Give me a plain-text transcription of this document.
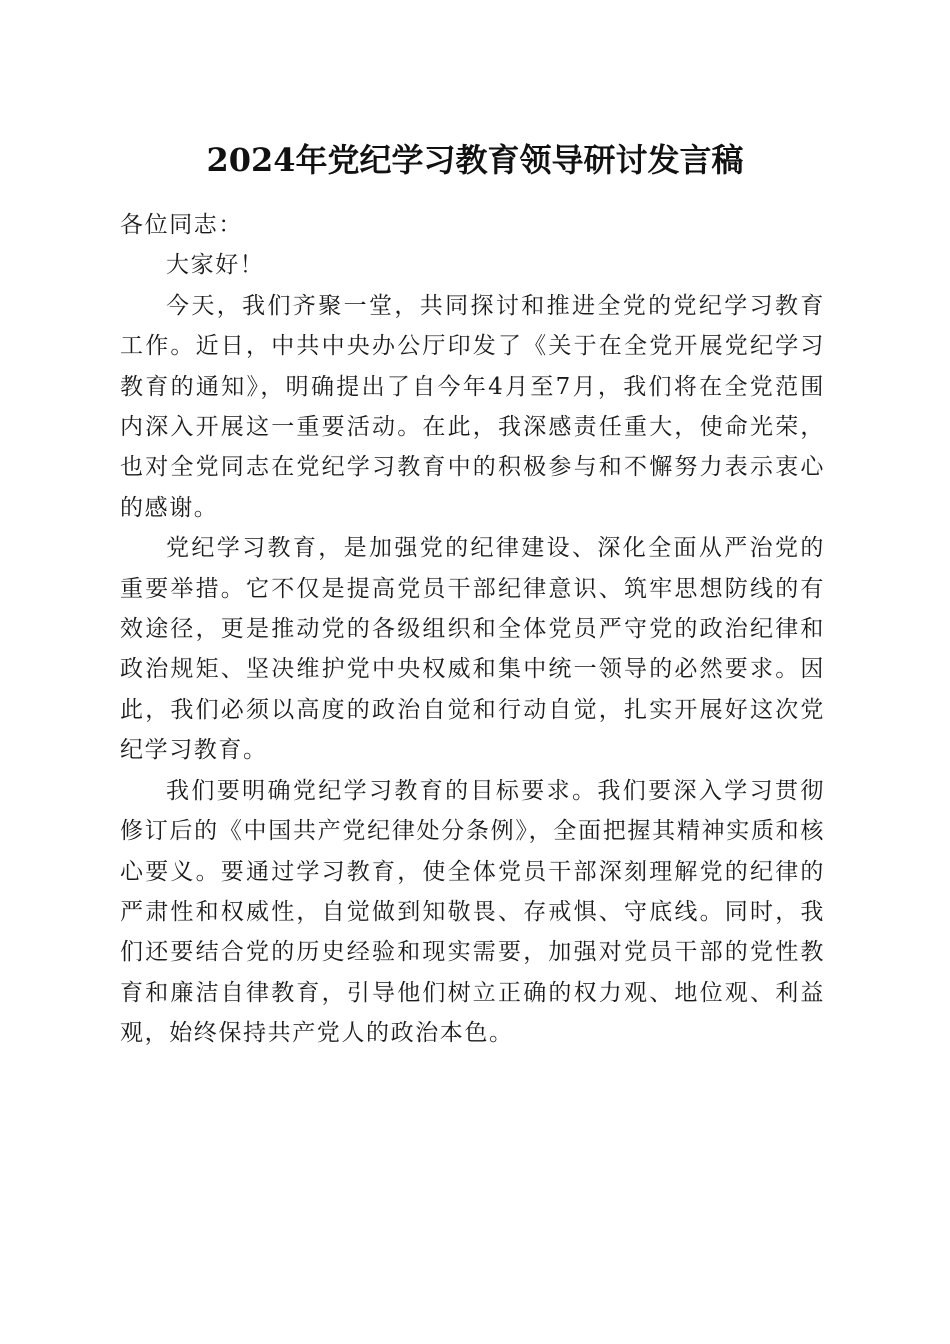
2024年党纪学习教育领导研讨发言稿

各位同志：

大家好！

今天，我们齐聚一堂，共同探讨和推进全党的党纪学习教育工作。近日，中共中央办公厅印发了《关于在全党开展党纪学习教育的通知》，明确提出了自今年4月至7月，我们将在全党范围内深入开展这一重要活动。在此，我深感责任重大，使命光荣，也对全党同志在党纪学习教育中的积极参与和不懈努力表示衷心的感谢。

党纪学习教育，是加强党的纪律建设、深化全面从严治党的重要举措。它不仅是提高党员干部纪律意识、筑牢思想防线的有效途径，更是推动党的各级组织和全体党员严守党的政治纪律和政治规矩、坚决维护党中央权威和集中统一领导的必然要求。因此，我们必须以高度的政治自觉和行动自觉，扎实开展好这次党纪学习教育。

我们要明确党纪学习教育的目标要求。我们要深入学习贯彻修订后的《中国共产党纪律处分条例》，全面把握其精神实质和核心要义。要通过学习教育，使全体党员干部深刻理解党的纪律的严肃性和权威性，自觉做到知敬畏、存戒惧、守底线。同时，我们还要结合党的历史经验和现实需要，加强对党员干部的党性教育和廉洁自律教育，引导他们树立正确的权力观、地位观、利益观，始终保持共产党人的政治本色。
